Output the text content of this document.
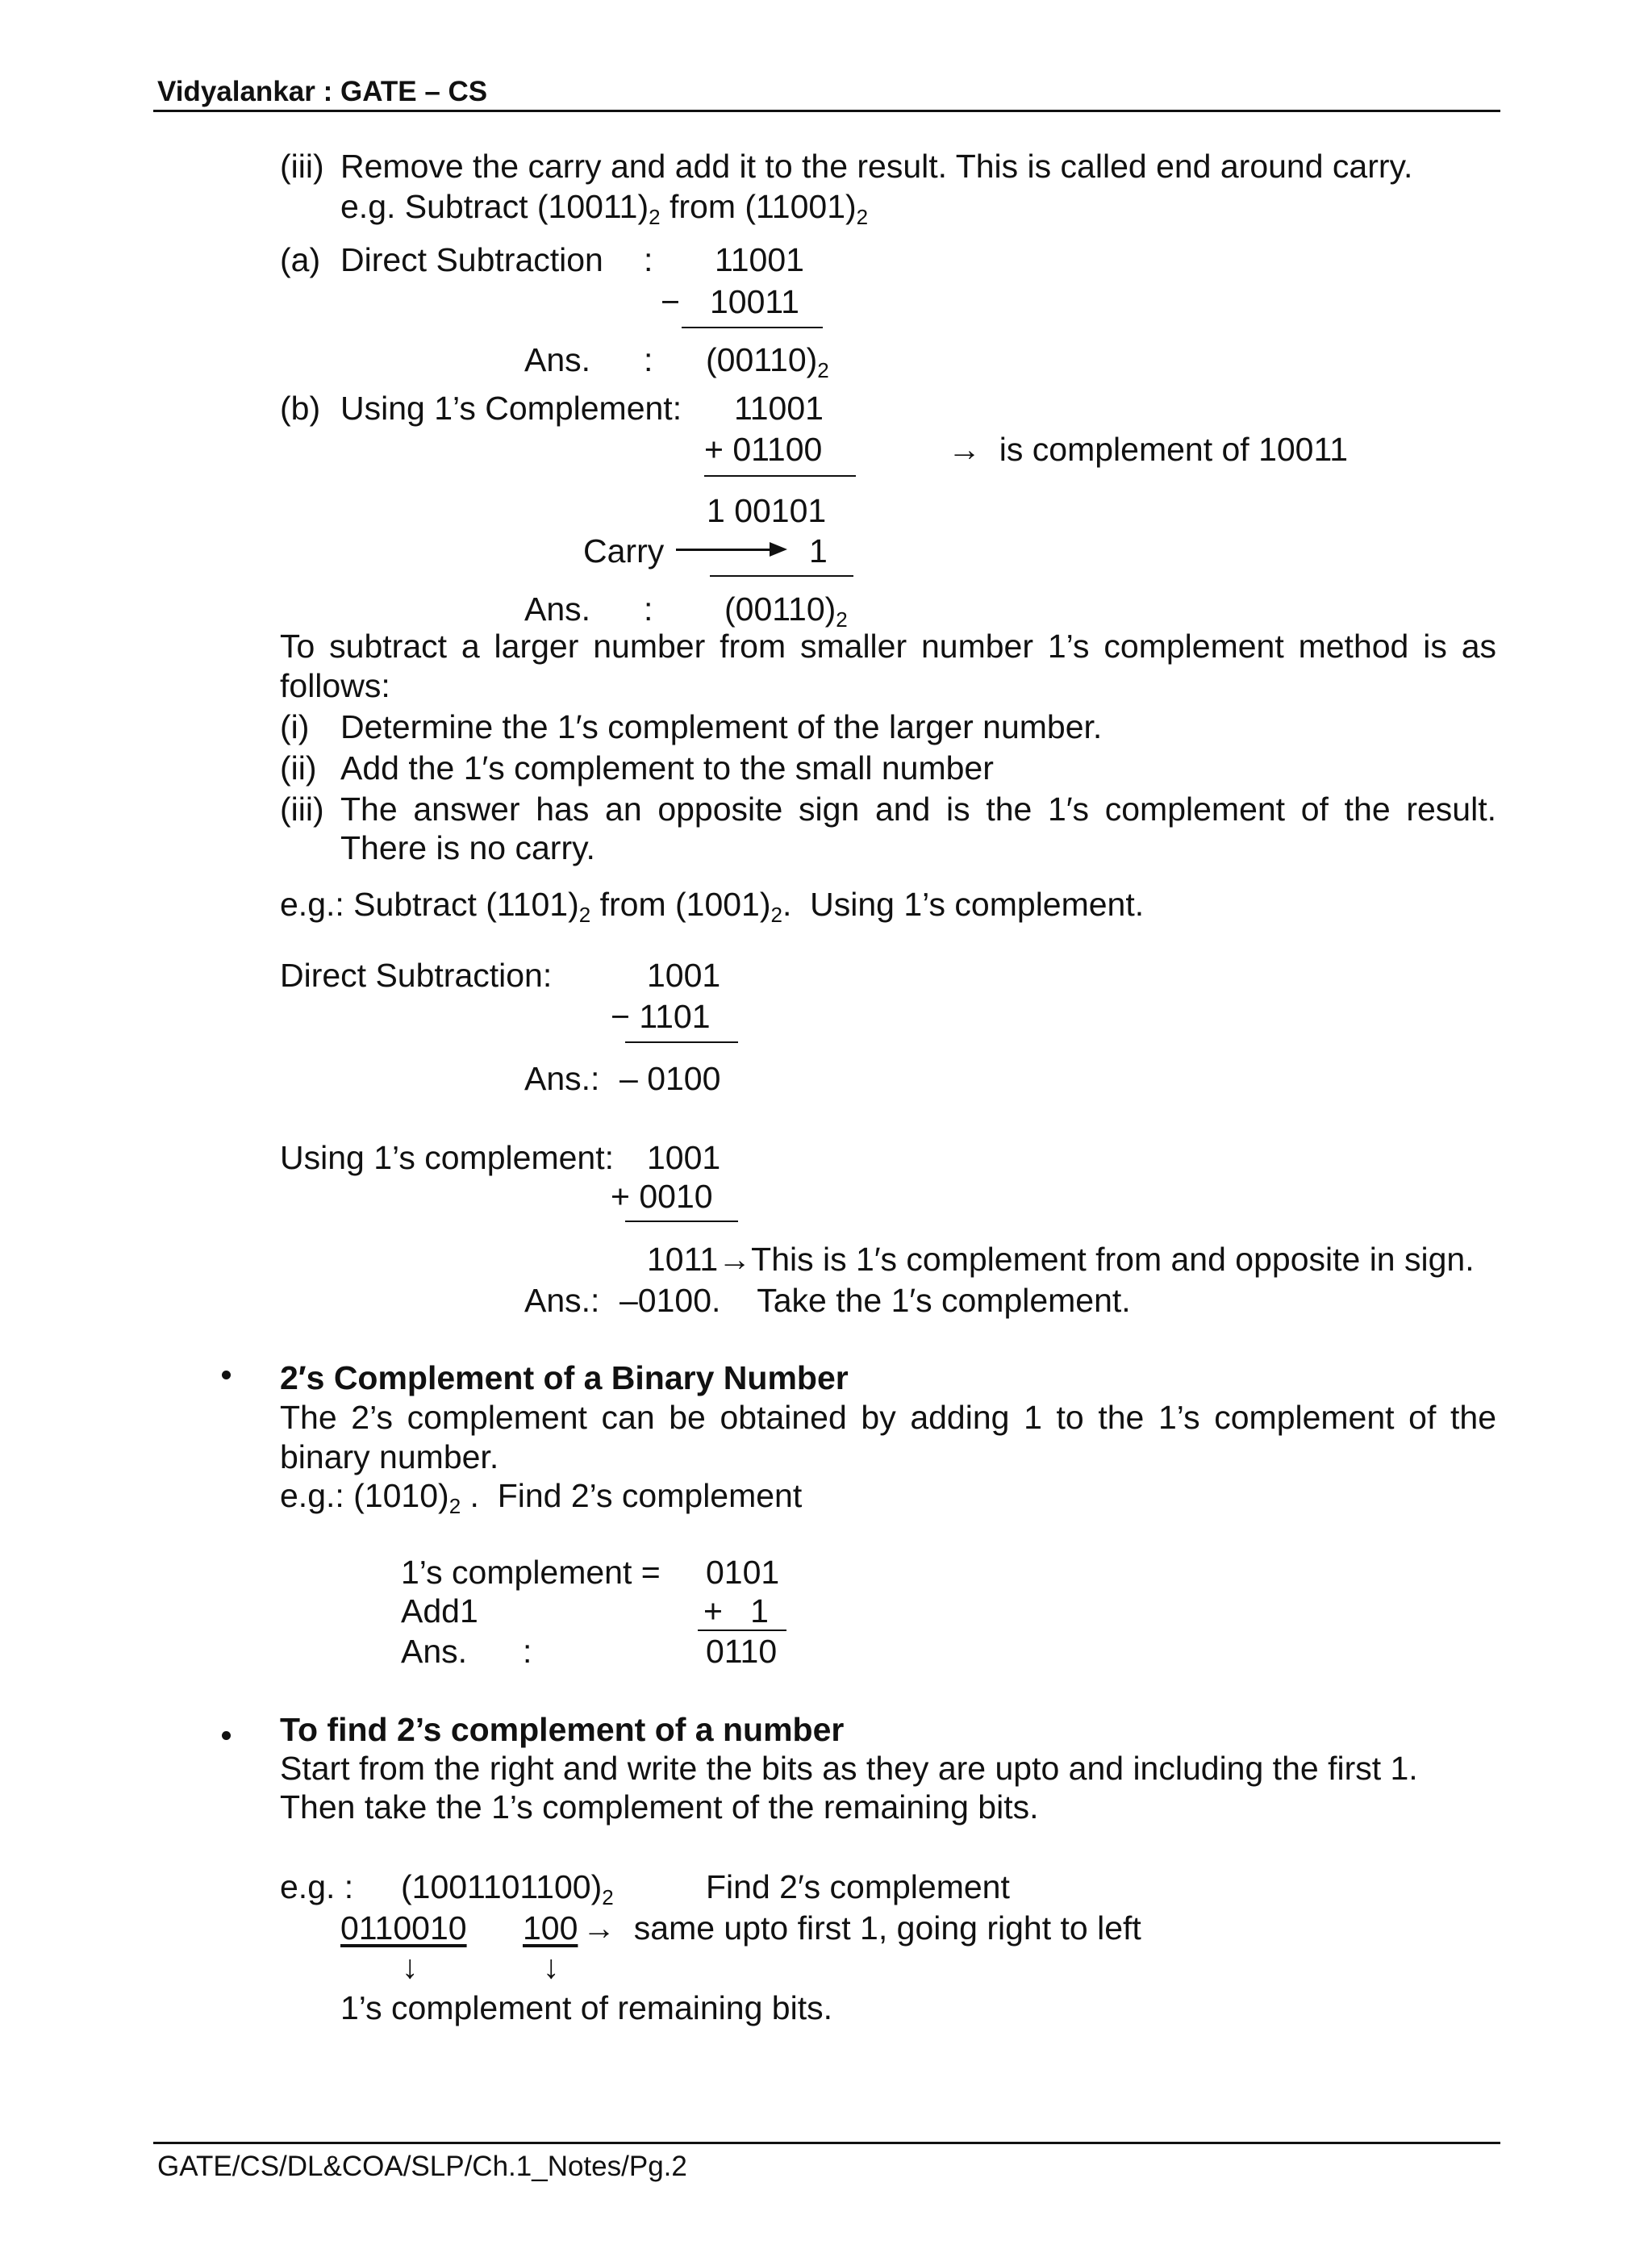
Vidyalankar : GATE – CS
(iii) Remove the carry and add it to the result. This is called end around carry.
e.g. Subtract $(10011)_2$ from $(11001)_2$
(a) Direct Subtraction : 11001
− 10011
Ans. : $(00110)_2$
(b) Using 1’s Complement: 11001
+ 01100	→  is complement of 10011
1 00101
Carry	1
Ans. : $(00110)_2$
To subtract a larger number from smaller number 1’s complement method is as
follows:
(i) Determine the 1′s complement of the larger number.
(ii) Add the 1′s complement to the small number
(iii) The answer has an opposite sign and is the 1′s complement of the result.
There is no carry.
e.g.: Subtract $(1101)_2$ from $(1001)_2$.  Using 1’s complement.
Direct Subtraction:	1001
− 1101
Ans.: – 0100
Using 1’s complement: 1001
+ 0010
1011→This is 1′s complement from and opposite in sign.
Ans.: –0100.    Take the 1′s complement.
2′s Complement of a Binary Number
The 2’s complement can be obtained by adding 1 to the 1’s complement of the
binary number.
e.g.: $(1010)_2$ .  Find 2’s complement
1’s complement = 0101
Add1	+   1
Ans. :	0110
To find 2’s complement of a number
Start from the right and write the bits as they are upto and including the first 1.
Then take the 1’s complement of the remaining bits.
e.g. : $(1001101100)_2$	Find 2′s complement
0110010 100 →  same upto first 1, going right to left
↓	↓
1’s complement of remaining bits.
GATE/CS/DL&COA/SLP/Ch.1_Notes/Pg.2
